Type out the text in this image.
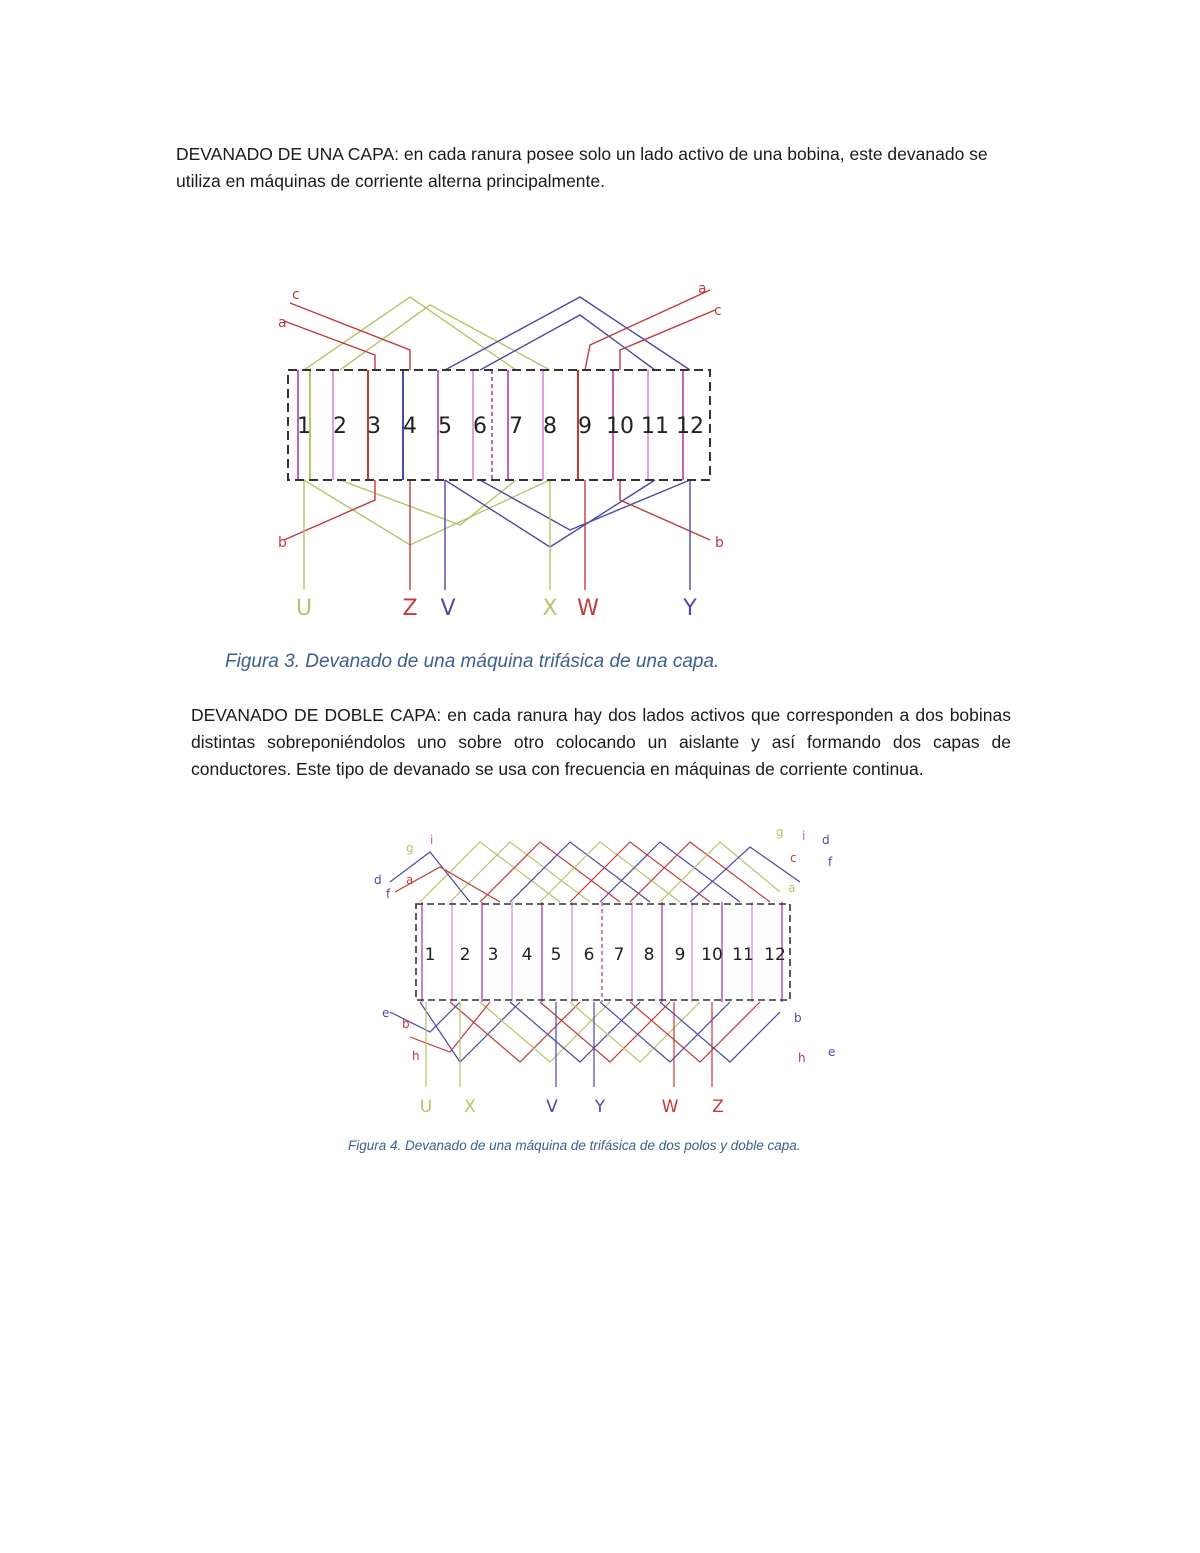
DEVANADO DE UNA CAPA: en cada ranura posee solo un lado activo de una bobina, este devanado se utiliza en máquinas de corriente alterna principalmente.

1 2 3 4 5 6 7 8 9 10 11 12
U	Z V	X W	Y
c
a
b
a
c
b

Figura 3. Devanado de una máquina trifásica de una capa.

DEVANADO DE DOBLE CAPA: en cada ranura hay dos lados activos que corresponden a dos bobinas distintas sobreponiéndolos uno sobre otro colocando un aislante y así formando dos capas de conductores. Este tipo de devanado se usa con frecuencia en máquinas de corriente continua.

1 2 3 4 5 6 7 8 9 10 11 12
U X	V Y	W Z
g
i
d a
f
e
b
h
g i d
c	f
a
b
h e

Figura 4. Devanado de una máquina de trifásica de dos polos y doble capa.
